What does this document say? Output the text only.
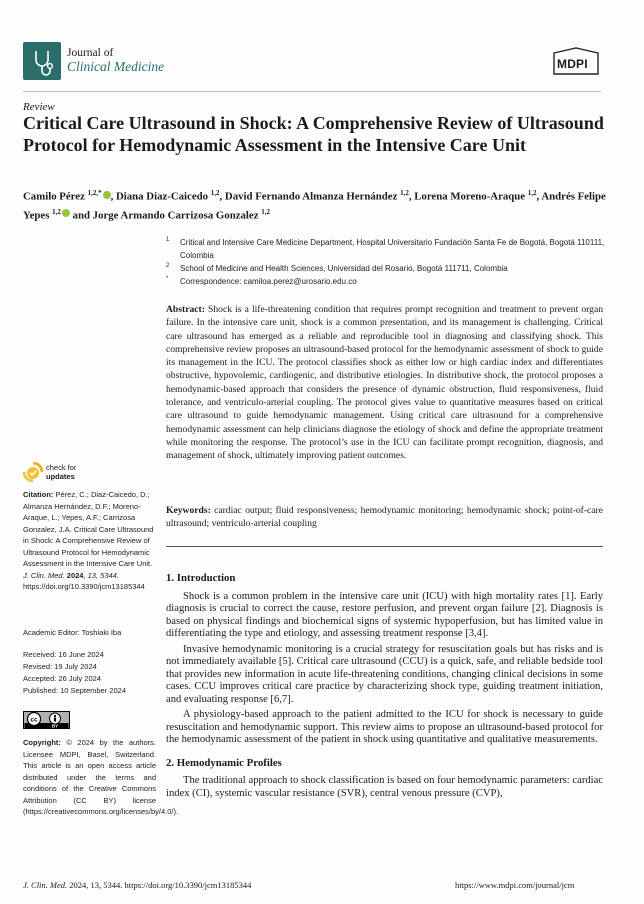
Journal of
Clinical Medicine	MDPI
Review
Critical Care Ultrasound in Shock: A Comprehensive Review of Ultrasound Protocol for Hemodynamic Assessment in the Intensive Care Unit
Camilo Pérez $^{1,2,*}$ , Diana Diaz-Caicedo $^{1,2}$, David Fernando Almanza Hernández $^{1,2}$, Lorena Moreno-Araque $^{1,2}$, Andrés Felipe Yepes $^{1,2}$ and Jorge Armando Carrizosa Gonzalez $^{1,2}$
1 Critical and Intensive Care Medicine Department, Hospital Universitario Fundación Santa Fe de Bogotá, Bogotá 110111, Colombia
2 School of Medicine and Health Sciences, Universidad del Rosario, Bogotá 111711, Colombia
* Correspondence: camiloa.perez@urosario.edu.co
Abstract: Shock is a life-threatening condition that requires prompt recognition and treatment to prevent organ failure. In the intensive care unit, shock is a common presentation, and its management is challenging. Critical care ultrasound has emerged as a reliable and reproducible tool in diagnosing and classifying shock. This comprehensive review proposes an ultrasound-based protocol for the hemodynamic assessment of shock to guide its management in the ICU. The protocol classifies shock as either low or high cardiac index and differentiates obstructive, hypovolemic, cardiogenic, and distributive etiologies. In distributive shock, the protocol proposes a hemodynamic-based approach that considers the presence of dynamic obstruction, fluid responsiveness, fluid tolerance, and ventriculo-arterial coupling. The protocol gives value to quantitative measures based on critical care ultrasound to guide hemodynamic management. Using critical care ultrasound for a comprehensive hemodynamic assessment can help clinicians diagnose the etiology of shock and define the appropriate treatment while monitoring the response. The protocol’s use in the ICU can facilitate prompt recognition, diagnosis, and management of shock, ultimately improving patient outcomes.
Keywords: cardiac output; fluid responsiveness; hemodynamic monitoring; hemodynamic shock; point-of-care ultrasound; ventriculo-arterial coupling
check for
updates
Citation: Pérez, C.; Diaz-Caicedo, D.; Almanza Hernández, D.F.; Moreno-Araque, L.; Yepes, A.F.; Carrizosa Gonzalez, J.A. Critical Care Ultrasound in Shock: A Comprehensive Review of Ultrasound Protocol for Hemodynamic Assessment in the Intensive Care Unit. J. Clin. Med. 2024, 13, 5344. https://doi.org/10.3390/jcm13185344
Academic Editor: Toshiaki Iba
Received: 16 June 2024
Revised: 19 July 2024
Accepted: 26 July 2024
Published: 10 September 2024
cc
BY
Copyright: © 2024 by the authors. Licensee MDPI, Basel, Switzerland. This article is an open access article distributed under the terms and conditions of the Creative Commons Attribution (CC BY) license (https://creativecommons.org/licenses/by/4.0/).
1. Introduction

Shock is a common problem in the intensive care unit (ICU) with high mortality rates [1]. Early diagnosis is crucial to correct the cause, restore perfusion, and prevent organ failure [2]. Diagnosis is based on physical findings and biochemical signs of systemic hypoperfusion, but has limited value in differentiating the type and etiology, and assessing treatment response [3,4].

Invasive hemodynamic monitoring is a crucial strategy for resuscitation goals but has risks and is not immediately available [5]. Critical care ultrasound (CCU) is a quick, safe, and reliable bedside tool that provides new information in acute life-threatening conditions, changing clinical decisions in some cases. CCU improves critical care practice by characterizing shock type, guiding treatment initiation, and evaluating response [6,7].

A physiology-based approach to the patient admitted to the ICU for shock is necessary to guide resuscitation and hemodynamic support. This review aims to propose an ultrasound-based protocol for the hemodynamic assessment of the patient in shock using quantitative and qualitative measurements.

2. Hemodynamic Profiles

The traditional approach to shock classification is based on four hemodynamic parameters: cardiac index (CI), systemic vascular resistance (SVR), central venous pressure (CVP),

J. Clin. Med. 2024, 13, 5344. https://doi.org/10.3390/jcm13185344	https://www.mdpi.com/journal/jcm
